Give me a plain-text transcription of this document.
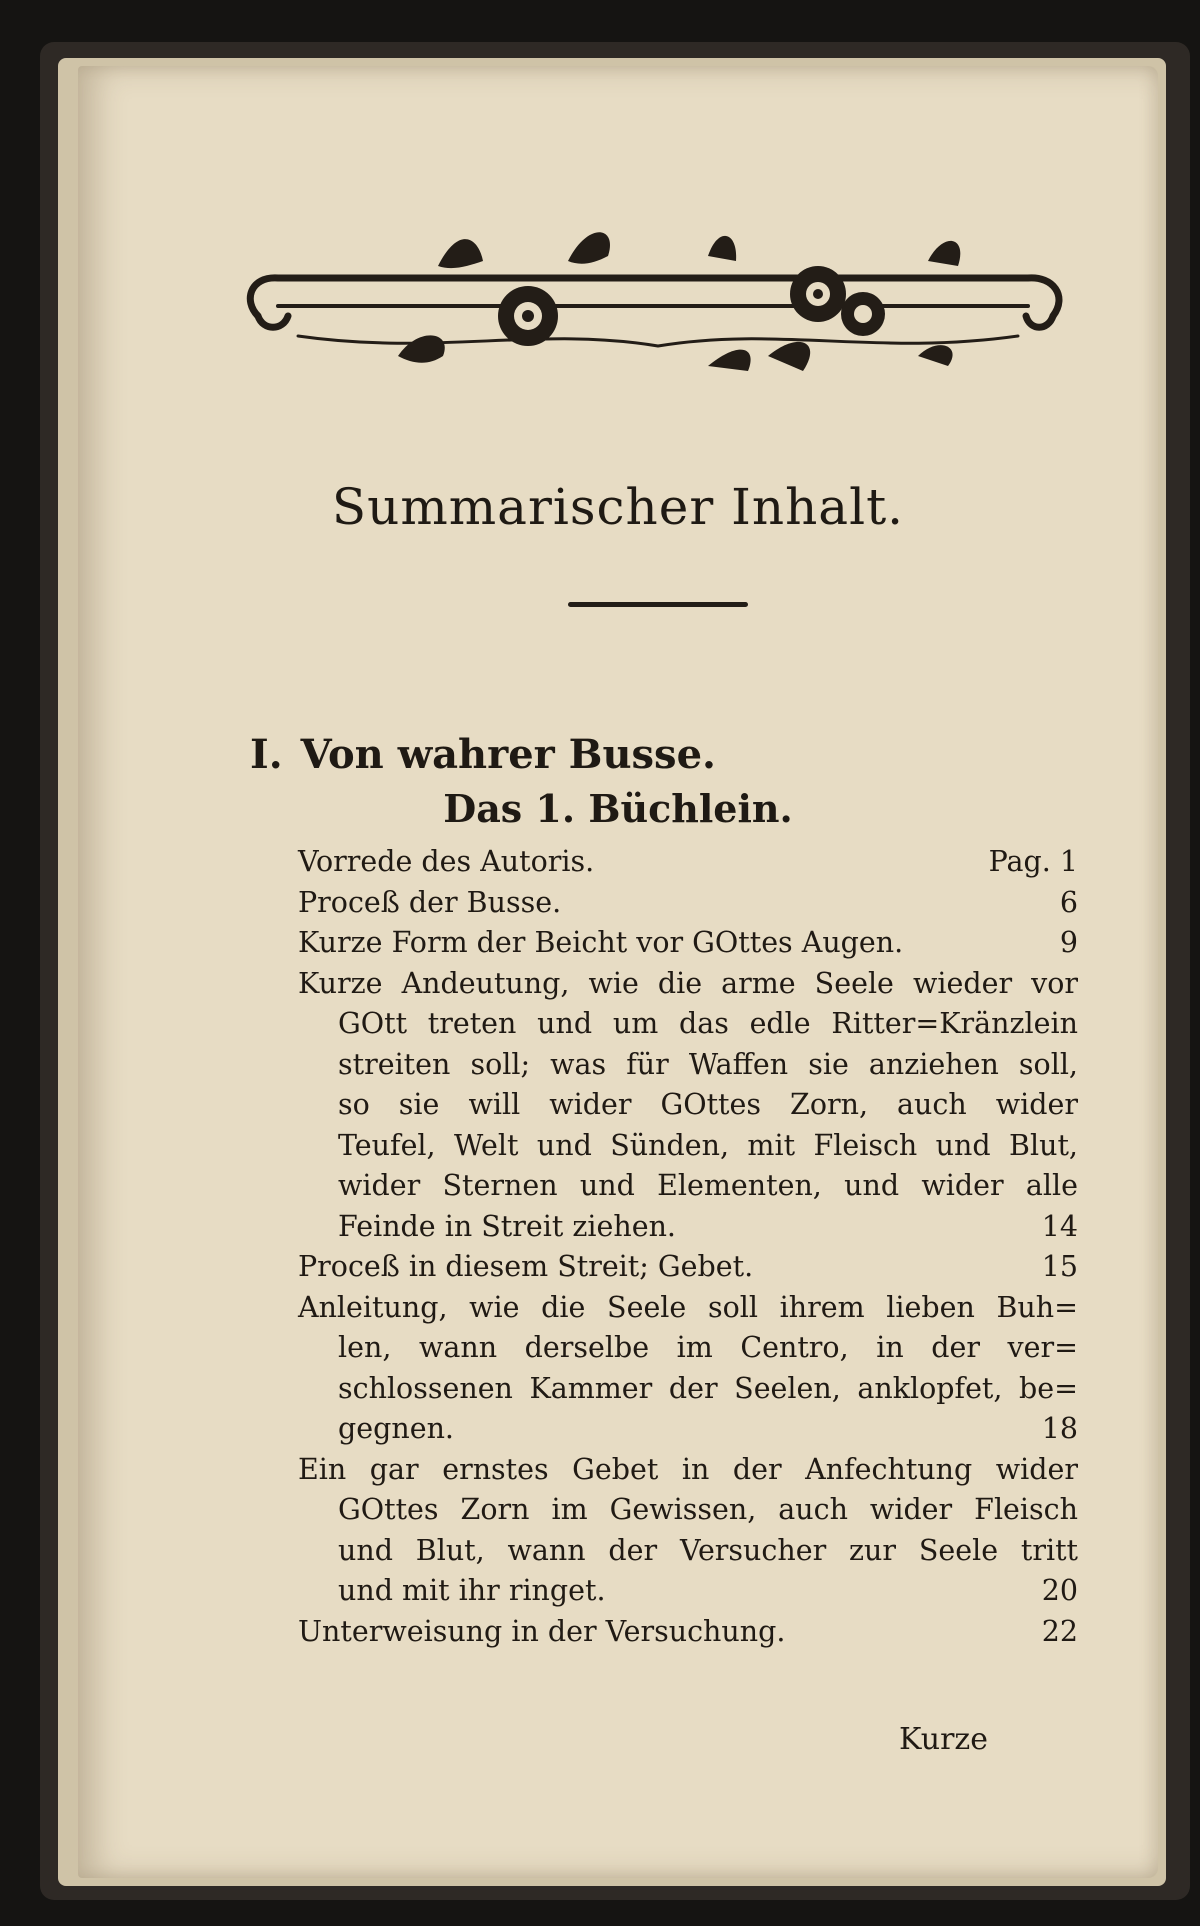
Summarischer Inhalt.
I. Von wahrer Busse.
Das 1. Büchlein.
Vorrede des Autoris.	Pag. 1
Proceß der Busse.	6
Kurze Form der Beicht vor GOttes Augen.	9
Kurze Andeutung, wie die arme Seele wieder vor
GOtt treten und um das edle Ritter=Kränzlein
streiten soll; was für Waffen sie anziehen soll,
so sie will wider GOttes Zorn, auch wider
Teufel, Welt und Sünden, mit Fleisch und Blut,
wider Sternen und Elementen, und wider alle
Feinde in Streit ziehen.	14
Proceß in diesem Streit; Gebet.	15
Anleitung, wie die Seele soll ihrem lieben Buh=
len, wann derselbe im Centro, in der ver=
schlossenen Kammer der Seelen, anklopfet, be=
gegnen.	18
Ein gar ernstes Gebet in der Anfechtung wider
GOttes Zorn im Gewissen, auch wider Fleisch
und Blut, wann der Versucher zur Seele tritt
und mit ihr ringet.	20
Unterweisung in der Versuchung.	22
Kurze
